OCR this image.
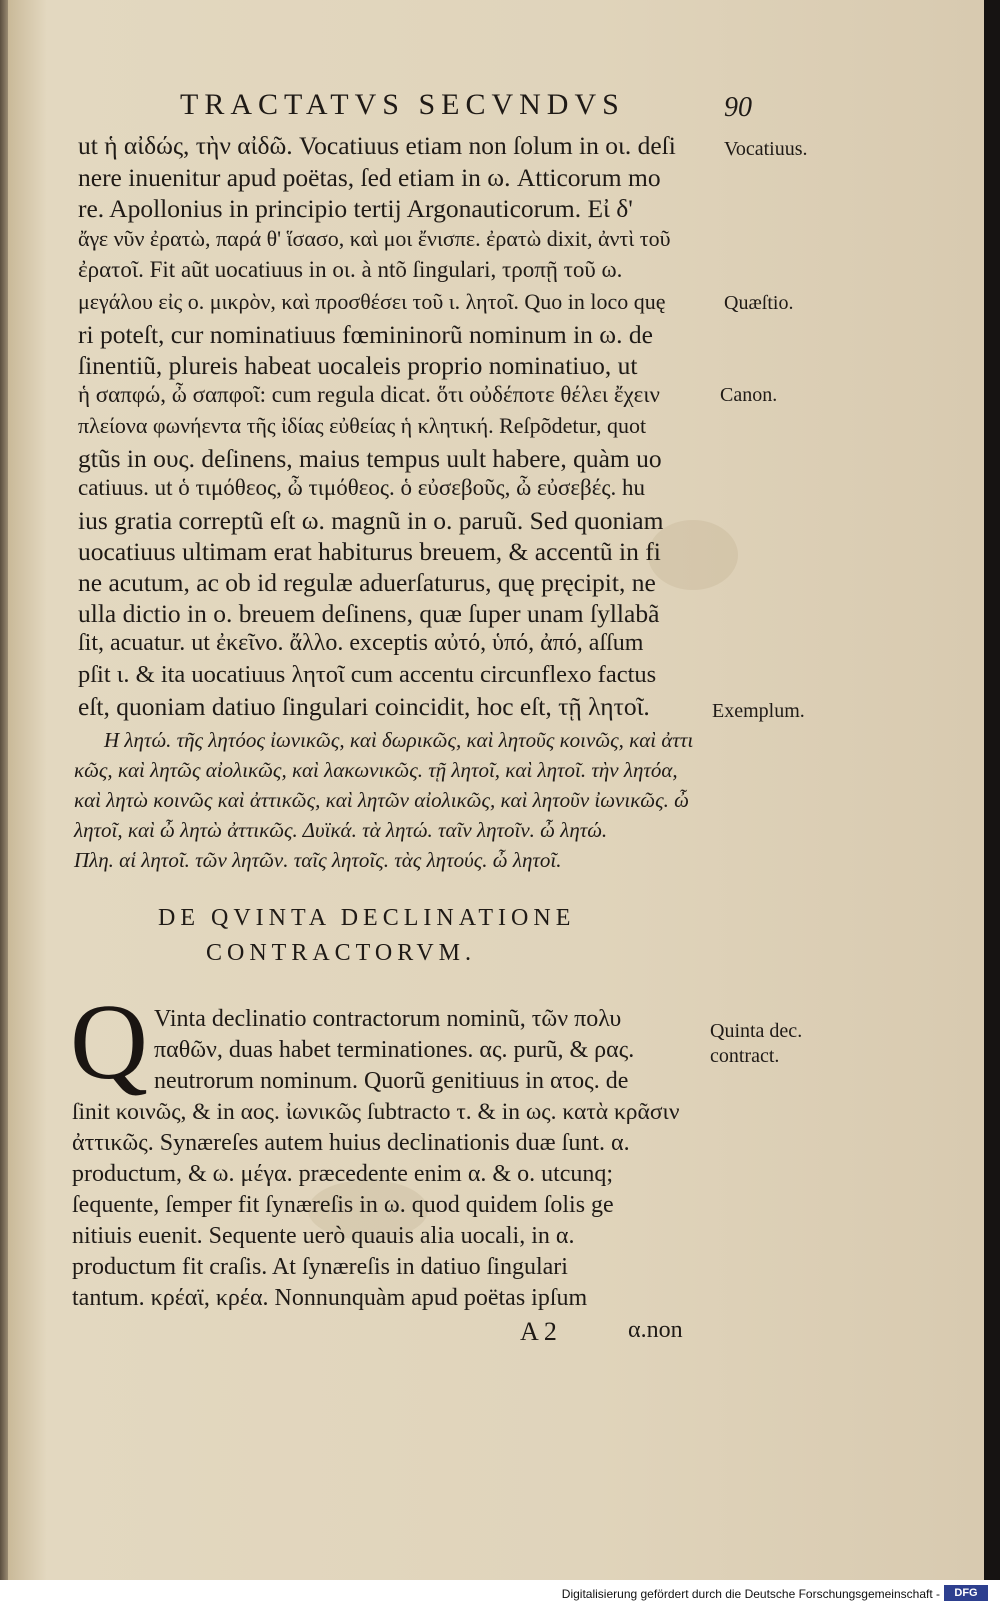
TRACTATVS SECVNDVS	90
ut ἡ αἰδώς, τὴν αἰδῶ. Vocatiuus etiam non ſolum in οι. deſi
nere inuenitur apud poëtas, ſed etiam in ω. Atticorum mo
re. Apollonius in principio tertij Argonauticorum. Εἰ δ'
ἄγε νῦν ἐρατὼ, παρά θ' ἵσασο, καὶ μοι ἔνισπε. ἐρατὼ dixit, ἀντὶ τοῦ
ἐρατοῖ. Fit aũt uocatiuus in οι. à ntõ ſingulari, τροπῇ τοῦ ω.
μεγάλου εἰς ο. μικρὸν, καὶ προσθέσει τοῦ ι. λητοῖ. Quo in loco quę
ri poteſt, cur nominatiuus fœmininorũ nominum in ω. de
ſinentiũ, plureis habeat uocaleis proprio nominatiuo, ut
ἡ σαπφώ, ὦ σαπφοῖ: cum regula dicat. ὅτι οὐδέποτε θέλει ἔχειν
πλείονα φωνήεντα τῆς ἰδίας εὐθείας ἡ κλητική. Reſpõdetur, quot
gtũs in ους. deſinens, maius tempus uult habere, quàm uo
catiuus. ut ὁ τιμόθεος, ὦ τιμόθεος. ὁ εὐσεβοῦς, ὦ εὐσεβές. hu
ius gratia correptũ eſt ω. magnũ in ο. paruũ. Sed quoniam
uocatiuus ultimam erat habiturus breuem, & accentũ in fi
ne acutum, ac ob id regulæ aduerſaturus, quę pręcipit, ne
ulla dictio in ο. breuem deſinens, quæ ſuper unam ſyllabã
ſit, acuatur. ut ἐκεῖνο. ἄλλο. exceptis αὐτό, ὑπό, ἀπό, aſſum
pſit ι. & ita uocatiuus λητοῖ cum accentu circunflexo factus
eſt, quoniam datiuo ſingulari coincidit, hoc eſt, τῇ λητοῖ.
Η λητώ. τῆς λητόος ἰωνικῶς, καὶ δωρικῶς, καὶ λητοῦς κοινῶς, καὶ ἀττι
κῶς, καὶ λητῶς αἰολικῶς, καὶ λακωνικῶς. τῇ λητοῖ, καὶ λητοῖ. τὴν λητόα,
καὶ λητὼ κοινῶς καὶ ἀττικῶς, καὶ λητῶν αἰολικῶς, καὶ λητοῦν ἰωνικῶς. ὦ
λητοῖ, καὶ ὦ λητὼ ἀττικῶς. Δυϊκά. τὰ λητώ. ταῖν λητοῖν. ὦ λητώ.
Πλη. αἱ λητοῖ. τῶν λητῶν. ταῖς λητοῖς. τὰς λητούς. ὦ λητοῖ.
DE QVINTA DECLINATIONE
CONTRACTORVM.
Q Vinta declinatio contractorum nominũ, τῶν πολυ
παθῶν, duas habet terminationes. ας. purũ, & ρας.
neutrorum nominum. Quorũ genitiuus in ατος. de
ſinit κοινῶς, & in αος. ἰωνικῶς ſubtracto τ. & in ως. κατὰ κρᾶσιν
ἀττικῶς. Synæreſes autem huius declinationis duæ ſunt. α.
productum, & ω. μέγα. præcedente enim α. & ο. utcunq;
ſequente, ſemper fit ſynæreſis in ω. quod quidem ſolis ge
nitiuis euenit. Sequente uerò quauis alia uocali, in α.
productum fit craſis. At ſynæreſis in datiuo ſingulari
tantum. κρέαϊ, κρέα. Nonnunquàm apud poëtas ipſum
A 2	α.non
Vocatiuus.
Quæſtio.
Canon.
Exemplum.
Quinta dec.
contract.
Digitalisierung gefördert durch die Deutsche Forschungsgemeinschaft -	DFG
